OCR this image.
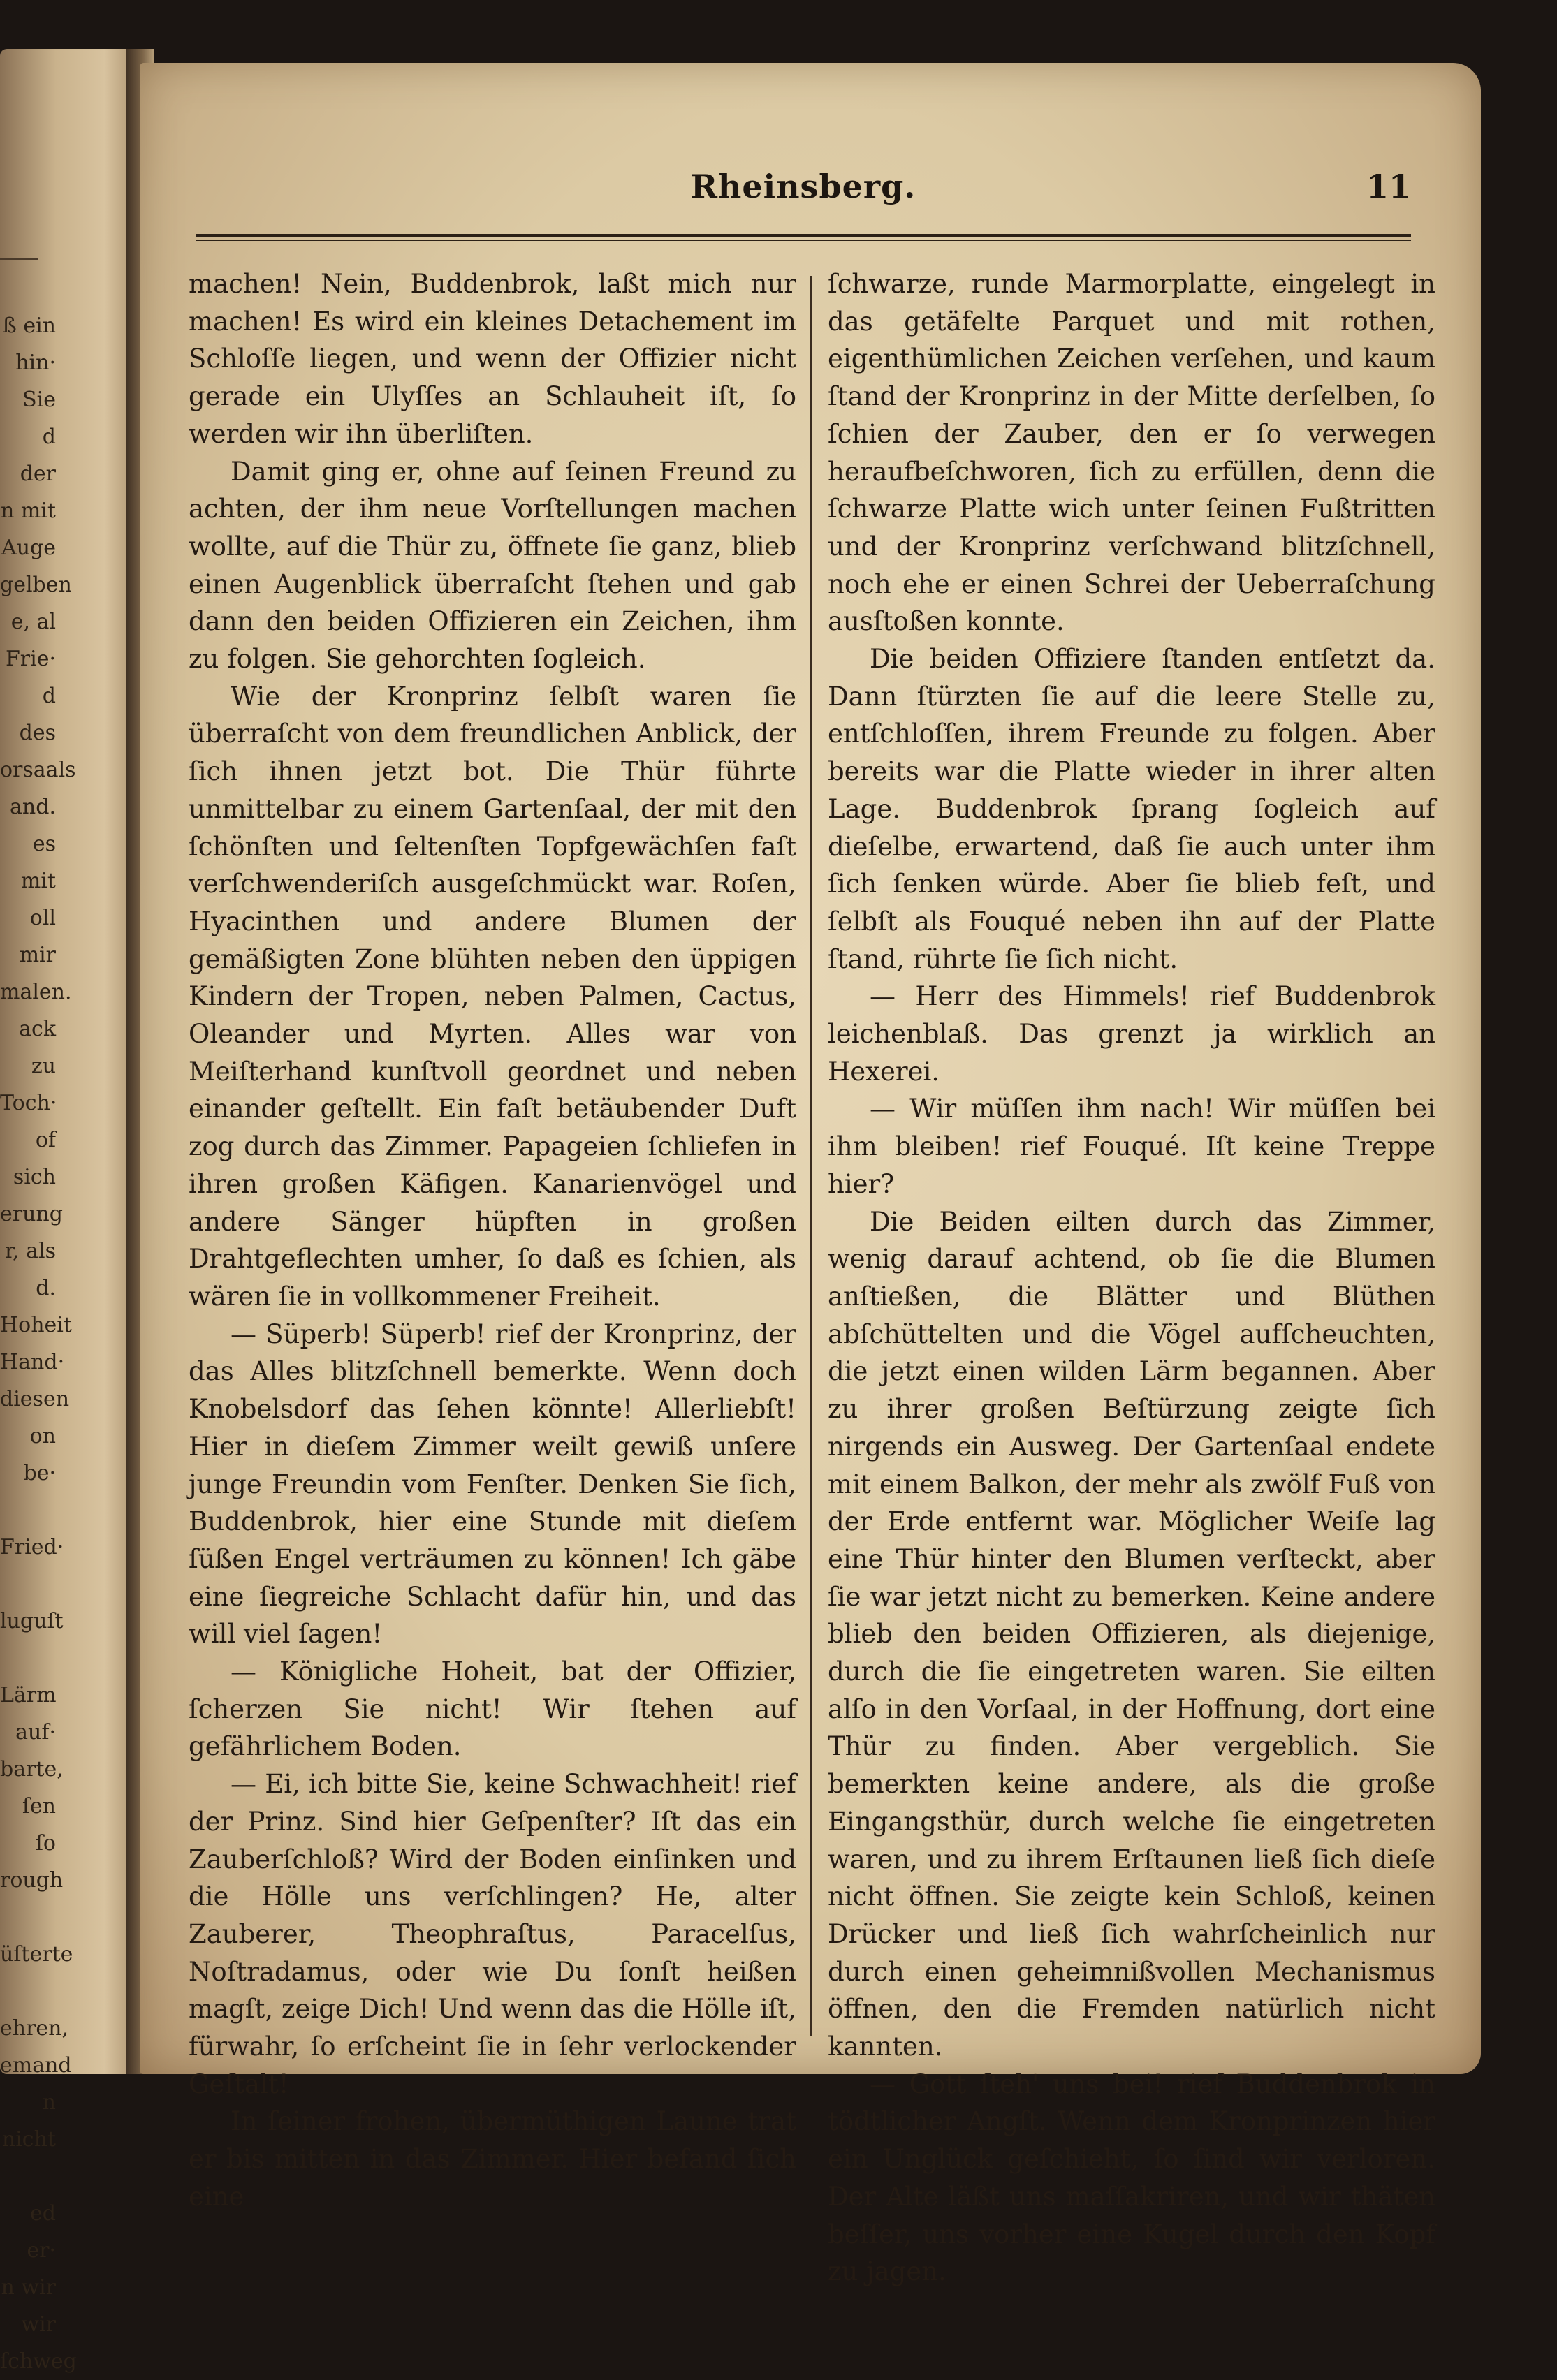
ß ein
hin·
Sie
d der
n mit
Auge
gelben
e, al
Frie·
d des
orsaals
and.
es mit
oll mir
malen.
ack zu
Toch·
of sich
erung
r, als
d.
Hoheit
Hand·
diesen
on be·

Fried·

luguſt

Lärm
auf·
barte,
ſen ſo
rough

üſterte

ehren,
emand
n nicht

ed er·
n wir
wir
ſchweg
Rheinsberg.	11

machen! Nein, Buddenbrok, laßt mich nur machen! Es wird ein kleines Detachement im Schloſſe liegen, und wenn der Offizier nicht gerade ein Ulyſſes an Schlauheit iſt, ſo werden wir ihn überliſten.

Damit ging er, ohne auf ſeinen Freund zu achten, der ihm neue Vorſtellungen machen wollte, auf die Thür zu, öffnete ſie ganz, blieb einen Augenblick überraſcht ſtehen und gab dann den beiden Offizieren ein Zeichen, ihm zu folgen. Sie gehorchten ſogleich.

Wie der Kronprinz ſelbſt waren ſie überraſcht von dem freundlichen Anblick, der ſich ihnen jetzt bot. Die Thür führte unmittelbar zu einem Gartenſaal, der mit den ſchönſten und ſeltenſten Topfgewächſen faſt verſchwenderiſch ausgeſchmückt war. Roſen, Hyacinthen und andere Blumen der gemäßigten Zone blühten neben den üppigen Kindern der Tropen, neben Palmen, Cactus, Oleander und Myrten. Alles war von Meiſterhand kunſtvoll geordnet und neben einander geſtellt. Ein faſt betäubender Duft zog durch das Zimmer. Papageien ſchliefen in ihren großen Käfigen. Kanarienvögel und andere Sänger hüpften in großen Drahtgeflechten umher, ſo daß es ſchien, als wären ſie in vollkommener Freiheit.

— Süperb! Süperb! rief der Kronprinz, der das Alles blitzſchnell bemerkte. Wenn doch Knobelsdorf das ſehen könnte! Allerliebſt! Hier in dieſem Zimmer weilt gewiß unſere junge Freundin vom Fenſter. Denken Sie ſich, Buddenbrok, hier eine Stunde mit dieſem ſüßen Engel verträumen zu können! Ich gäbe eine ſiegreiche Schlacht dafür hin, und das will viel ſagen!

— Königliche Hoheit, bat der Offizier, ſcherzen Sie nicht! Wir ſtehen auf gefährlichem Boden.

— Ei, ich bitte Sie, keine Schwachheit! rief der Prinz. Sind hier Geſpenſter? Iſt das ein Zauberſchloß? Wird der Boden einſinken und die Hölle uns verſchlingen? He, alter Zauberer, Theophraſtus, Paracelſus, Noſtradamus, oder wie Du ſonſt heißen magſt, zeige Dich! Und wenn das die Hölle iſt, fürwahr, ſo erſcheint ſie in ſehr verlockender Geſtalt!

In ſeiner frohen, übermüthigen Laune trat er bis mitten in das Zimmer. Hier befand ſich eine

ſchwarze, runde Marmorplatte, eingelegt in das getäfelte Parquet und mit rothen, eigenthümlichen Zeichen verſehen, und kaum ſtand der Kronprinz in der Mitte derſelben, ſo ſchien der Zauber, den er ſo verwegen heraufbeſchworen, ſich zu erfüllen, denn die ſchwarze Platte wich unter ſeinen Fußtritten und der Kronprinz verſchwand blitzſchnell, noch ehe er einen Schrei der Ueberraſchung ausſtoßen konnte.

Die beiden Offiziere ſtanden entſetzt da. Dann ſtürzten ſie auf die leere Stelle zu, entſchloſſen, ihrem Freunde zu folgen. Aber bereits war die Platte wieder in ihrer alten Lage. Buddenbrok ſprang ſogleich auf dieſelbe, erwartend, daß ſie auch unter ihm ſich ſenken würde. Aber ſie blieb feſt, und ſelbſt als Fouqué neben ihn auf der Platte ſtand, rührte ſie ſich nicht.

— Herr des Himmels! rief Buddenbrok leichenblaß. Das grenzt ja wirklich an Hexerei.

— Wir müſſen ihm nach! Wir müſſen bei ihm bleiben! rief Fouqué. Iſt keine Treppe hier?

Die Beiden eilten durch das Zimmer, wenig darauf achtend, ob ſie die Blumen anſtießen, die Blätter und Blüthen abſchüttelten und die Vögel aufſcheuchten, die jetzt einen wilden Lärm begannen. Aber zu ihrer großen Beſtürzung zeigte ſich nirgends ein Ausweg. Der Gartenſaal endete mit einem Balkon, der mehr als zwölf Fuß von der Erde entfernt war. Möglicher Weiſe lag eine Thür hinter den Blumen verſteckt, aber ſie war jetzt nicht zu bemerken. Keine andere blieb den beiden Offizieren, als diejenige, durch die ſie eingetreten waren. Sie eilten alſo in den Vorſaal, in der Hoffnung, dort eine Thür zu finden. Aber vergeblich. Sie bemerkten keine andere, als die große Eingangsthür, durch welche ſie eingetreten waren, und zu ihrem Erſtaunen ließ ſich dieſe nicht öffnen. Sie zeigte kein Schloß, keinen Drücker und ließ ſich wahrſcheinlich nur durch einen geheimnißvollen Mechanismus öffnen, den die Fremden natürlich nicht kannten.

— Gott ſteh' uns bei! rief Buddenbrok in tödtlicher Angſt. Wenn dem Kronprinzen hier ein Unglück geſchieht, ſo ſind wir verloren. Der Alte läßt uns maſſakriren, und wir thäten beſſer, uns vorher eine Kugel durch den Kopf zu jagen.
